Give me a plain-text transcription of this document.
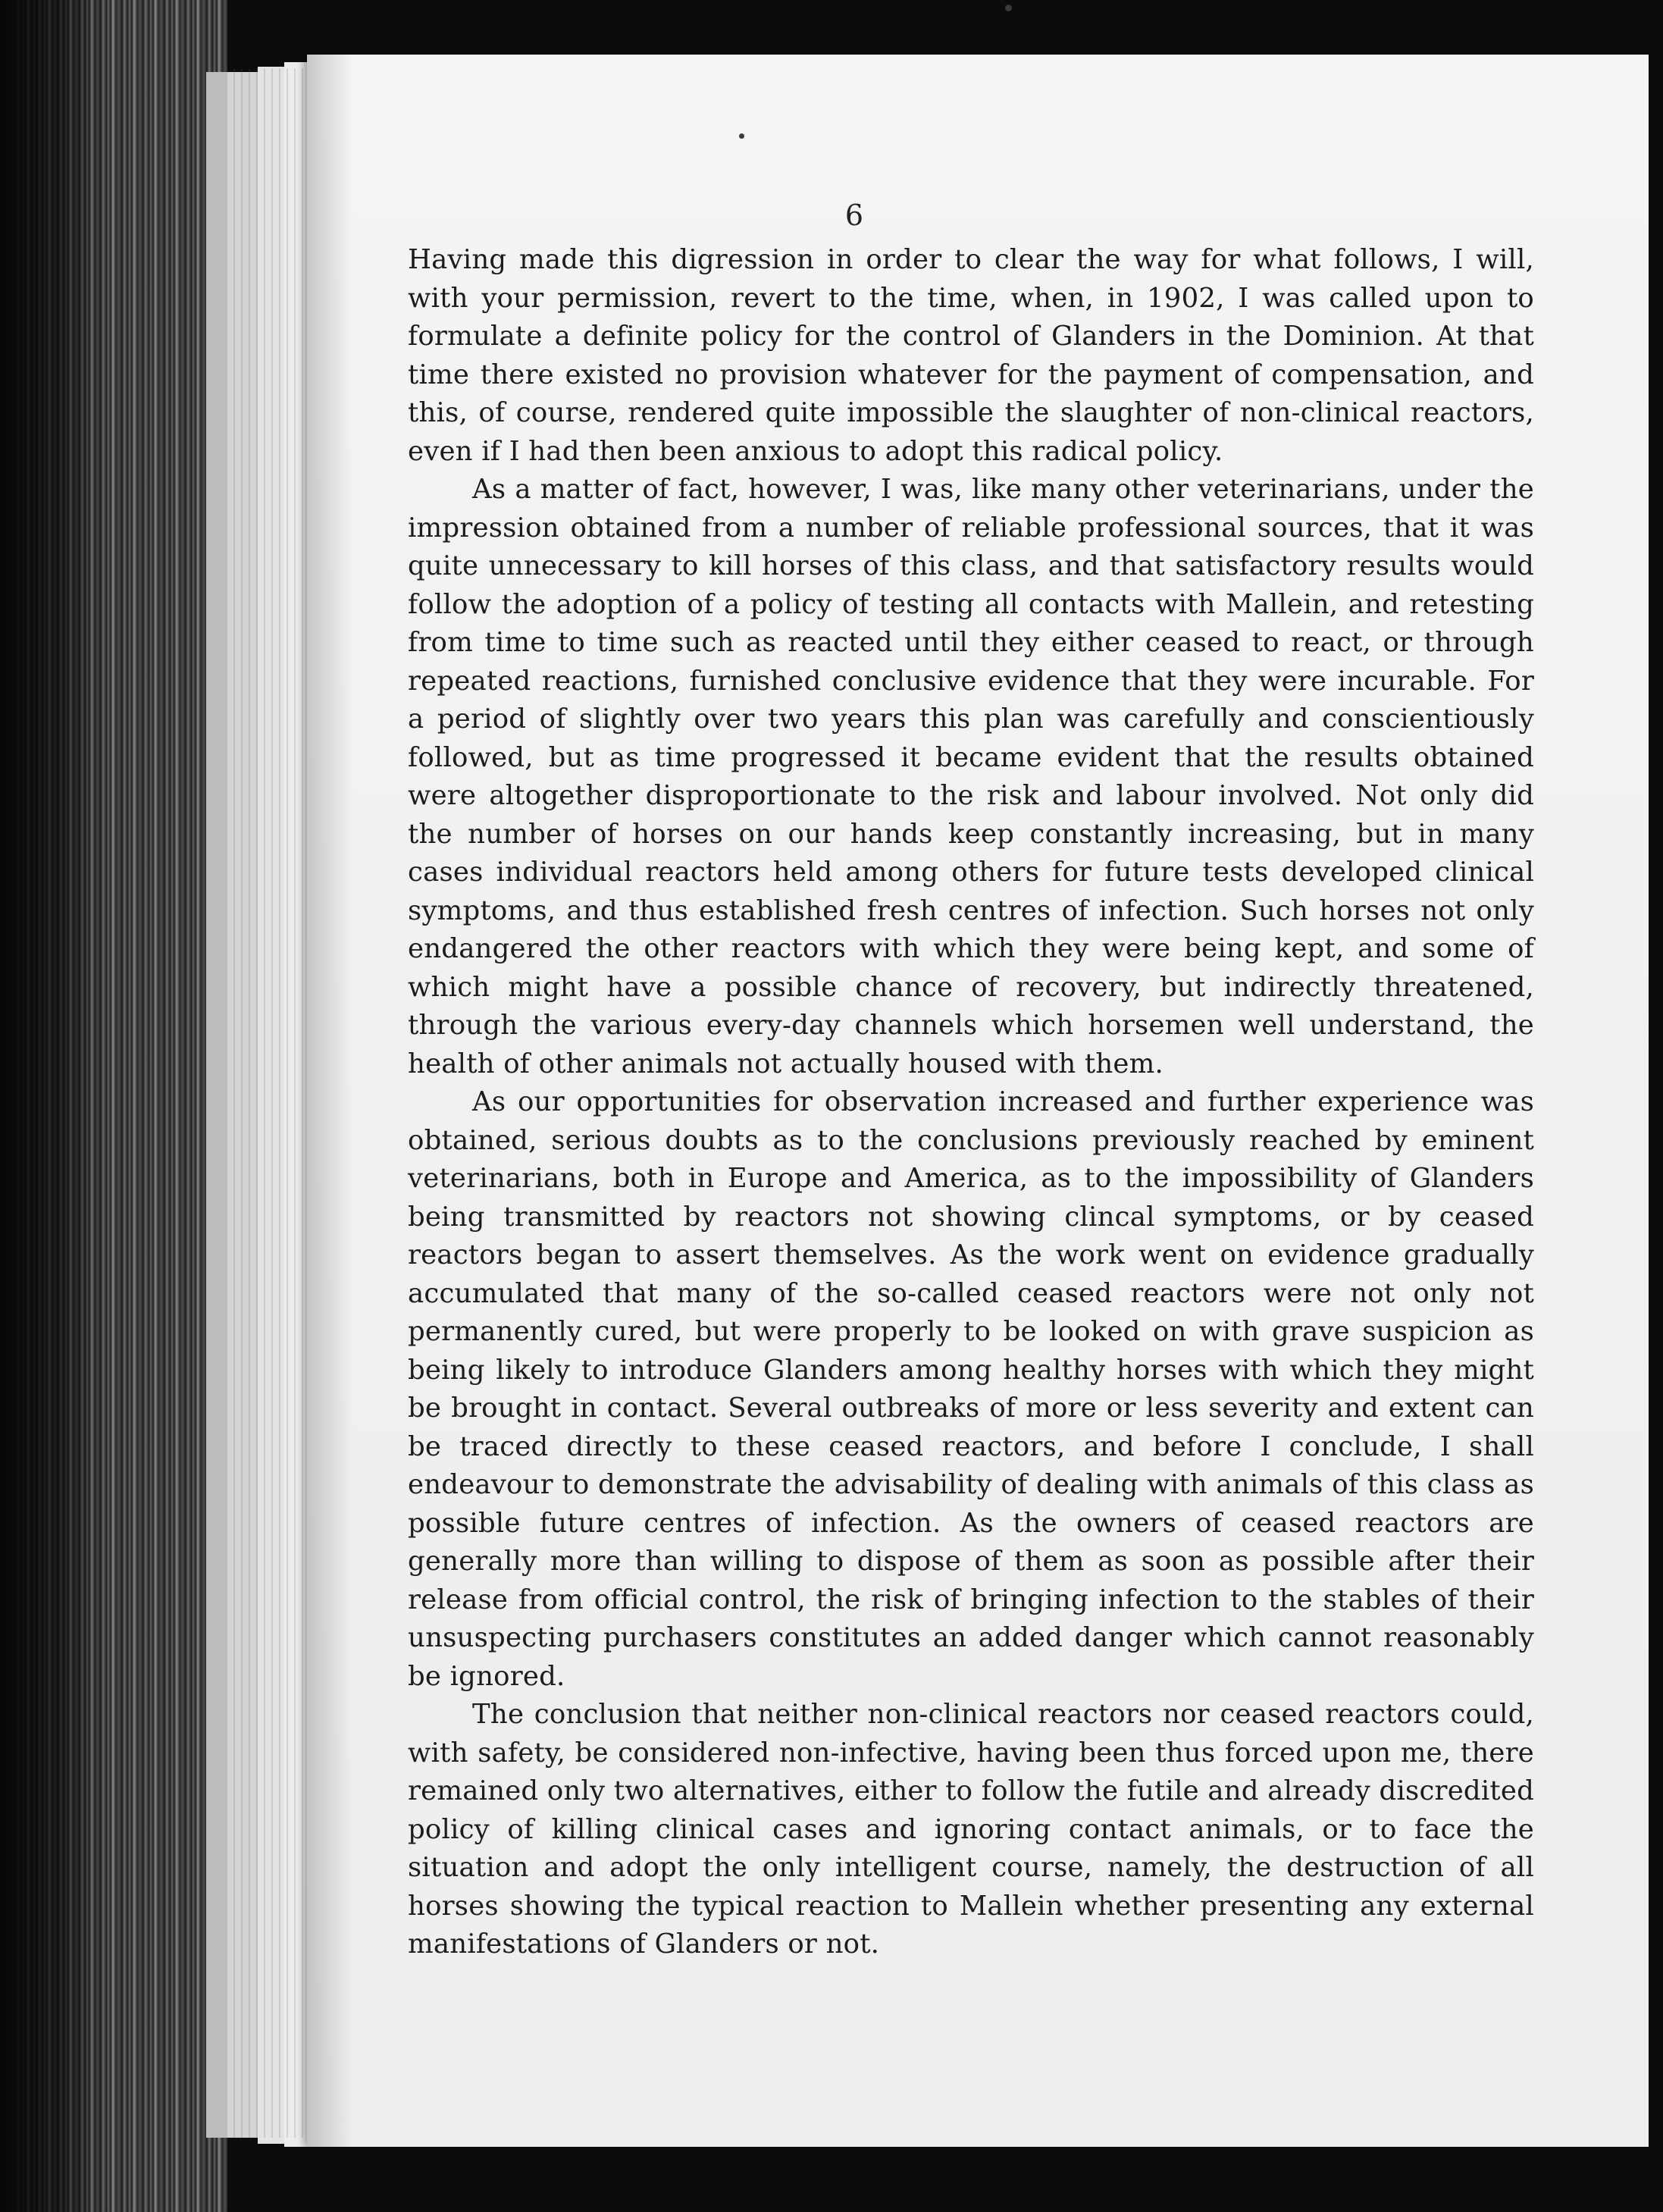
6

Having made this digression in order to clear the way for what follows, I will, with your permission, revert to the time, when, in 1902, I was called upon to formulate a definite policy for the control of Glanders in the Dominion. At that time there existed no provision whatever for the payment of compensation, and this, of course, rendered quite impossible the slaughter of non-clinical reactors, even if I had then been anxious to adopt this radical policy.

As a matter of fact, however, I was, like many other veterinarians, under the impression obtained from a number of reliable professional sources, that it was quite unnecessary to kill horses of this class, and that satisfactory results would follow the adoption of a policy of testing all contacts with Mallein, and retesting from time to time such as reacted until they either ceased to react, or through repeated reactions, furnished conclusive evidence that they were incurable. For a period of slightly over two years this plan was carefully and conscientiously followed, but as time progressed it became evident that the results obtained were altogether disproportionate to the risk and labour involved. Not only did the number of horses on our hands keep constantly increasing, but in many cases individual reactors held among others for future tests developed clinical symptoms, and thus established fresh centres of infection. Such horses not only endangered the other reactors with which they were being kept, and some of which might have a possible chance of recovery, but indirectly threatened, through the various every-day channels which horsemen well understand, the health of other animals not actually housed with them.

As our opportunities for observation increased and further experience was obtained, serious doubts as to the conclusions previously reached by eminent veterinarians, both in Europe and America, as to the impossibility of Glanders being transmitted by reactors not showing clincal symptoms, or by ceased reactors began to assert themselves. As the work went on evidence gradually accumulated that many of the so-called ceased reactors were not only not permanently cured, but were properly to be looked on with grave suspicion as being likely to introduce Glanders among healthy horses with which they might be brought in contact. Several outbreaks of more or less severity and extent can be traced directly to these ceased reactors, and before I conclude, I shall endeavour to demonstrate the advisability of dealing with animals of this class as possible future centres of infection. As the owners of ceased reactors are generally more than willing to dispose of them as soon as possible after their release from official control, the risk of bringing infection to the stables of their unsuspecting purchasers constitutes an added danger which cannot reasonably be ignored.

The conclusion that neither non-clinical reactors nor ceased reactors could, with safety, be considered non-infective, having been thus forced upon me, there remained only two alternatives, either to follow the futile and already discredited policy of killing clinical cases and ignoring contact animals, or to face the situation and adopt the only intelligent course, namely, the destruction of all horses showing the typical reaction to Mallein whether presenting any external manifestations of Glanders or not.
